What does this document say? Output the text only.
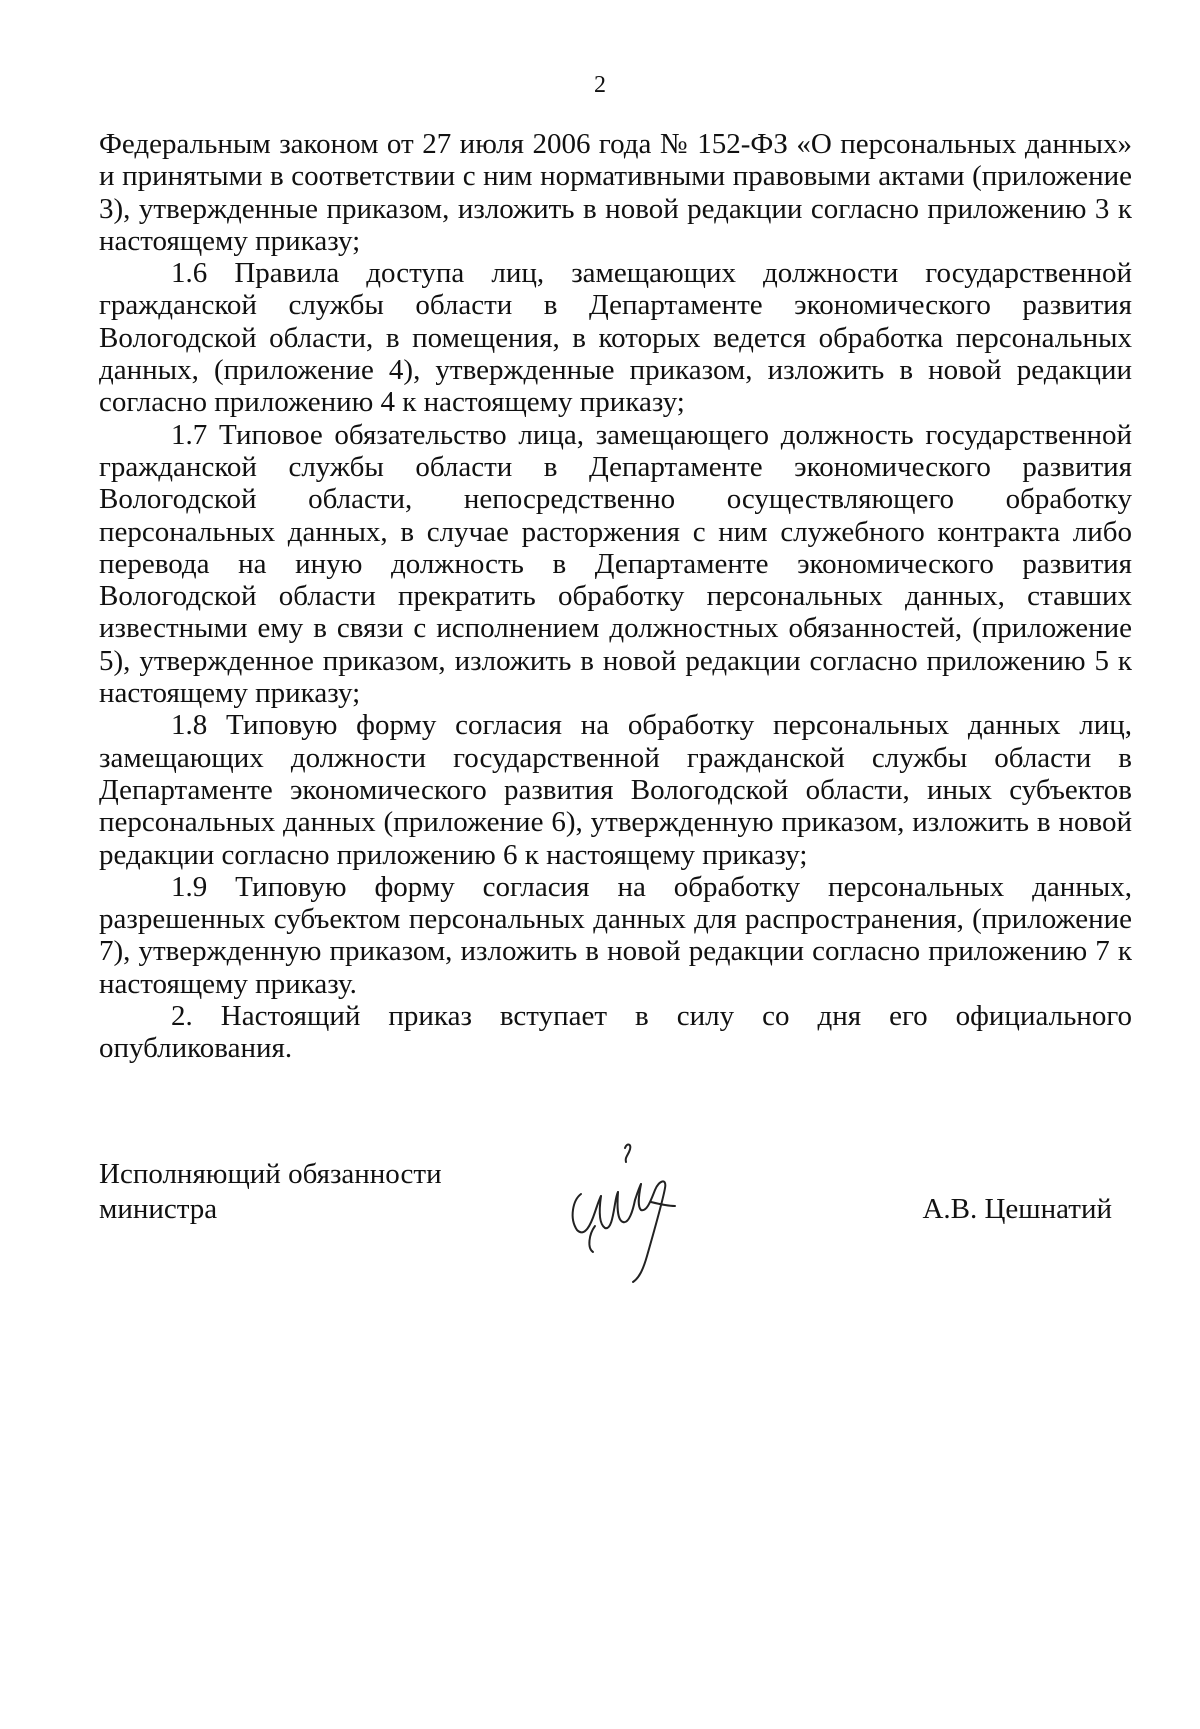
2

Федеральным законом от 27 июля 2006 года № 152-ФЗ «О персональных данных» и принятыми в соответствии с ним нормативными правовыми актами (приложение 3), утвержденные приказом, изложить в новой редакции согласно приложению 3 к настоящему приказу;

1.6 Правила доступа лиц, замещающих должности государственной гражданской службы области в Департаменте экономического развития Вологодской области, в помещения, в которых ведется обработка персональных данных, (приложение 4), утвержденные приказом, изложить в новой редакции согласно приложению 4 к настоящему приказу;

1.7 Типовое обязательство лица, замещающего должность государственной гражданской службы области в Департаменте экономического развития Вологодской области, непосредственно осуществляющего обработку персональных данных, в случае расторжения с ним служебного контракта либо перевода на иную должность в Департаменте экономического развития Вологодской области прекратить обработку персональных данных, ставших известными ему в связи с исполнением должностных обязанностей, (приложение 5), утвержденное приказом, изложить в новой редакции согласно приложению 5 к настоящему приказу;

1.8 Типовую форму согласия на обработку персональных данных лиц, замещающих должности государственной гражданской службы области в Департаменте экономического развития Вологодской области, иных субъектов персональных данных (приложение 6), утвержденную приказом, изложить в новой редакции согласно приложению 6 к настоящему приказу;

1.9 Типовую форму согласия на обработку персональных данных, разрешенных субъектом персональных данных для распространения, (приложение 7), утвержденную приказом, изложить в новой редакции согласно приложению 7 к настоящему приказу.

2. Настоящий приказ вступает в силу со дня его официального опубликования.

Исполняющий обязанности
министра	А.В. Цешнатий
